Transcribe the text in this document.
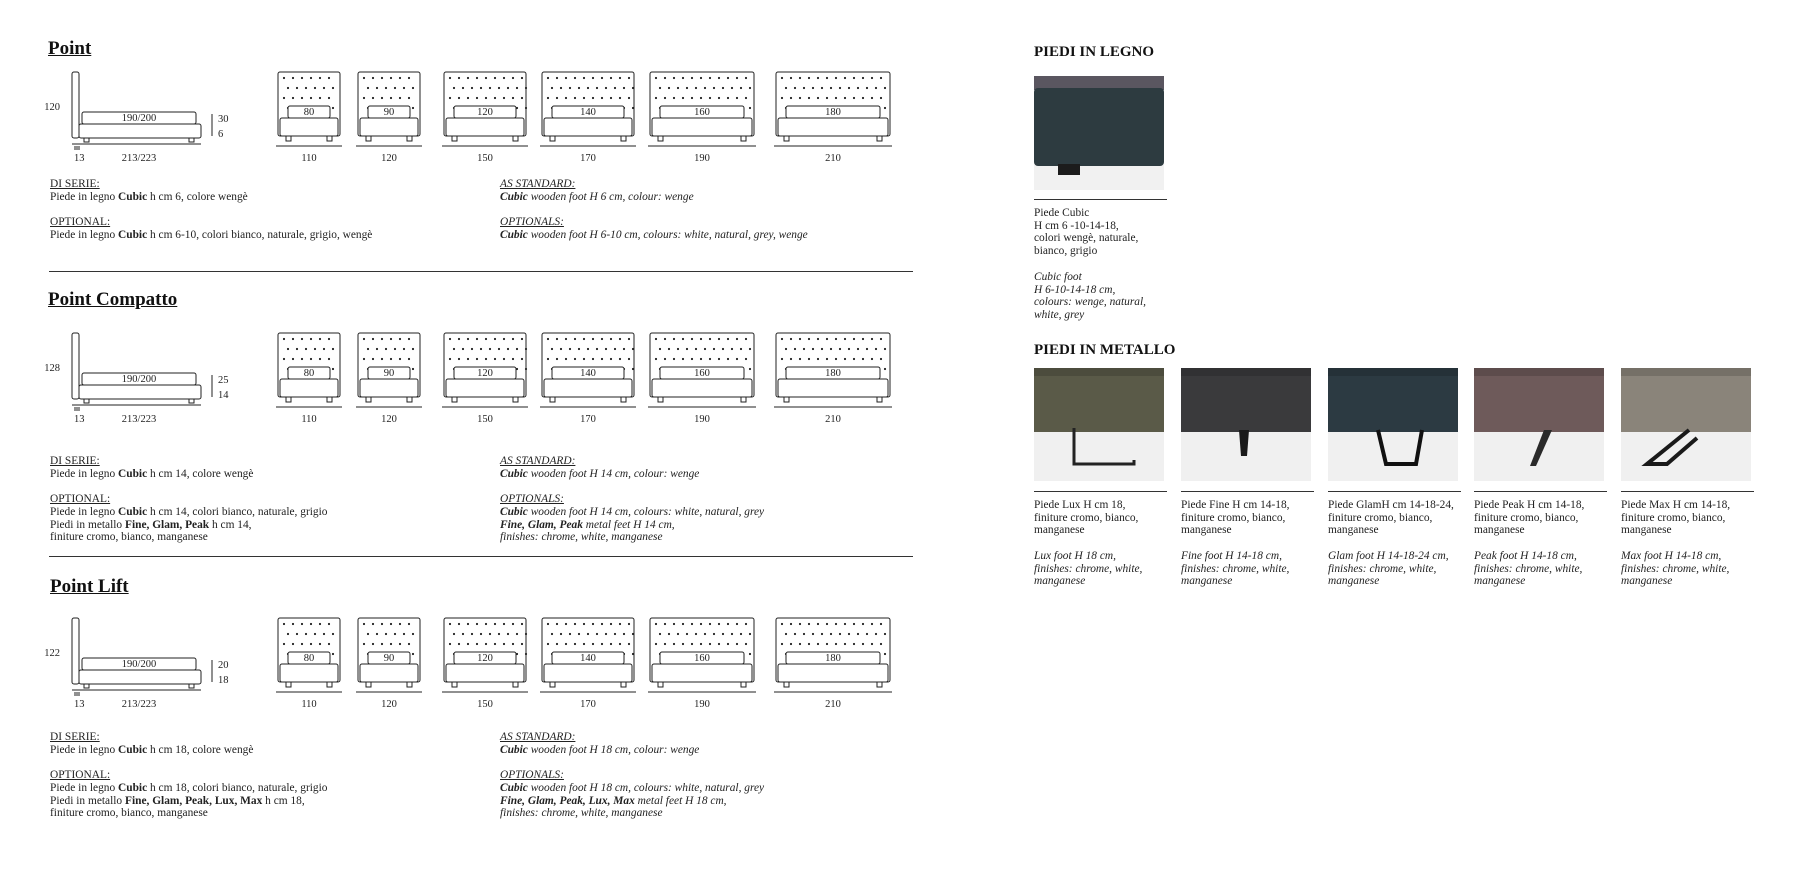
Point
120
190/200
13	213/223
30
6
80
110
90
120
120
150
140
170
160
190
180
210
DI SERIE:
Piede in legno Cubic h cm 6, colore wengè
OPTIONAL:
Piede in legno Cubic h cm 6-10, colori bianco, naturale, grigio, wengè
AS STANDARD:
Cubic wooden foot H 6 cm, colour: wenge
OPTIONALS:
Cubic wooden foot H 6-10 cm, colours: white, natural, grey, wenge
Point Compatto
128
190/200
13	213/223
25
14
80
110
90
120
120
150
140
170
160
190
180
210
DI SERIE:
Piede in legno Cubic h cm 14, colore wengè
OPTIONAL:
Piede in legno Cubic h cm 14, colori bianco, naturale, grigio
Piedi in metallo Fine, Glam, Peak h cm 14,
finiture cromo, bianco, manganese
AS STANDARD:
Cubic wooden foot H 14 cm, colour: wenge
OPTIONALS:
Cubic wooden foot H 14 cm, colours: white, natural, grey
Fine, Glam, Peak metal feet H 14 cm,
finishes: chrome, white, manganese
Point Lift
122
190/200
13	213/223
20
18
80
110
90
120
120
150
140
170
160
190
180
210
DI SERIE:
Piede in legno Cubic h cm 18, colore wengè
OPTIONAL:
Piede in legno Cubic h cm 18, colori bianco, naturale, grigio
Piedi in metallo Fine, Glam, Peak, Lux, Max h cm 18,
finiture cromo, bianco, manganese
AS STANDARD:
Cubic wooden foot H 18 cm, colour: wenge
OPTIONALS:
Cubic wooden foot H 18 cm, colours: white, natural, grey
Fine, Glam, Peak, Lux, Max metal feet H 18 cm,
finishes: chrome, white, manganese
PIEDI IN LEGNO
Piede Cubic
H cm 6 -10-14-18,
colori wengè, naturale,
bianco, grigio
Cubic foot
H 6-10-14-18 cm,
colours: wenge, natural,
white, grey
PIEDI IN METALLO
Piede Lux H cm 18,
finiture cromo, bianco,
manganese
Lux foot H 18 cm,
finishes: chrome, white,
manganese
Piede Fine H cm 14-18,
finiture cromo, bianco,
manganese
Fine foot H 14-18 cm,
finishes: chrome, white,
manganese
Piede GlamH cm 14-18-24,
finiture cromo, bianco,
manganese
Glam foot H 14-18-24 cm,
finishes: chrome, white,
manganese
Piede Peak H cm 14-18,
finiture cromo, bianco,
manganese
Peak foot H 14-18 cm,
finishes: chrome, white,
manganese
Piede Max H cm 14-18,
finiture cromo, bianco,
manganese
Max foot H 14-18 cm,
finishes: chrome, white,
manganese
